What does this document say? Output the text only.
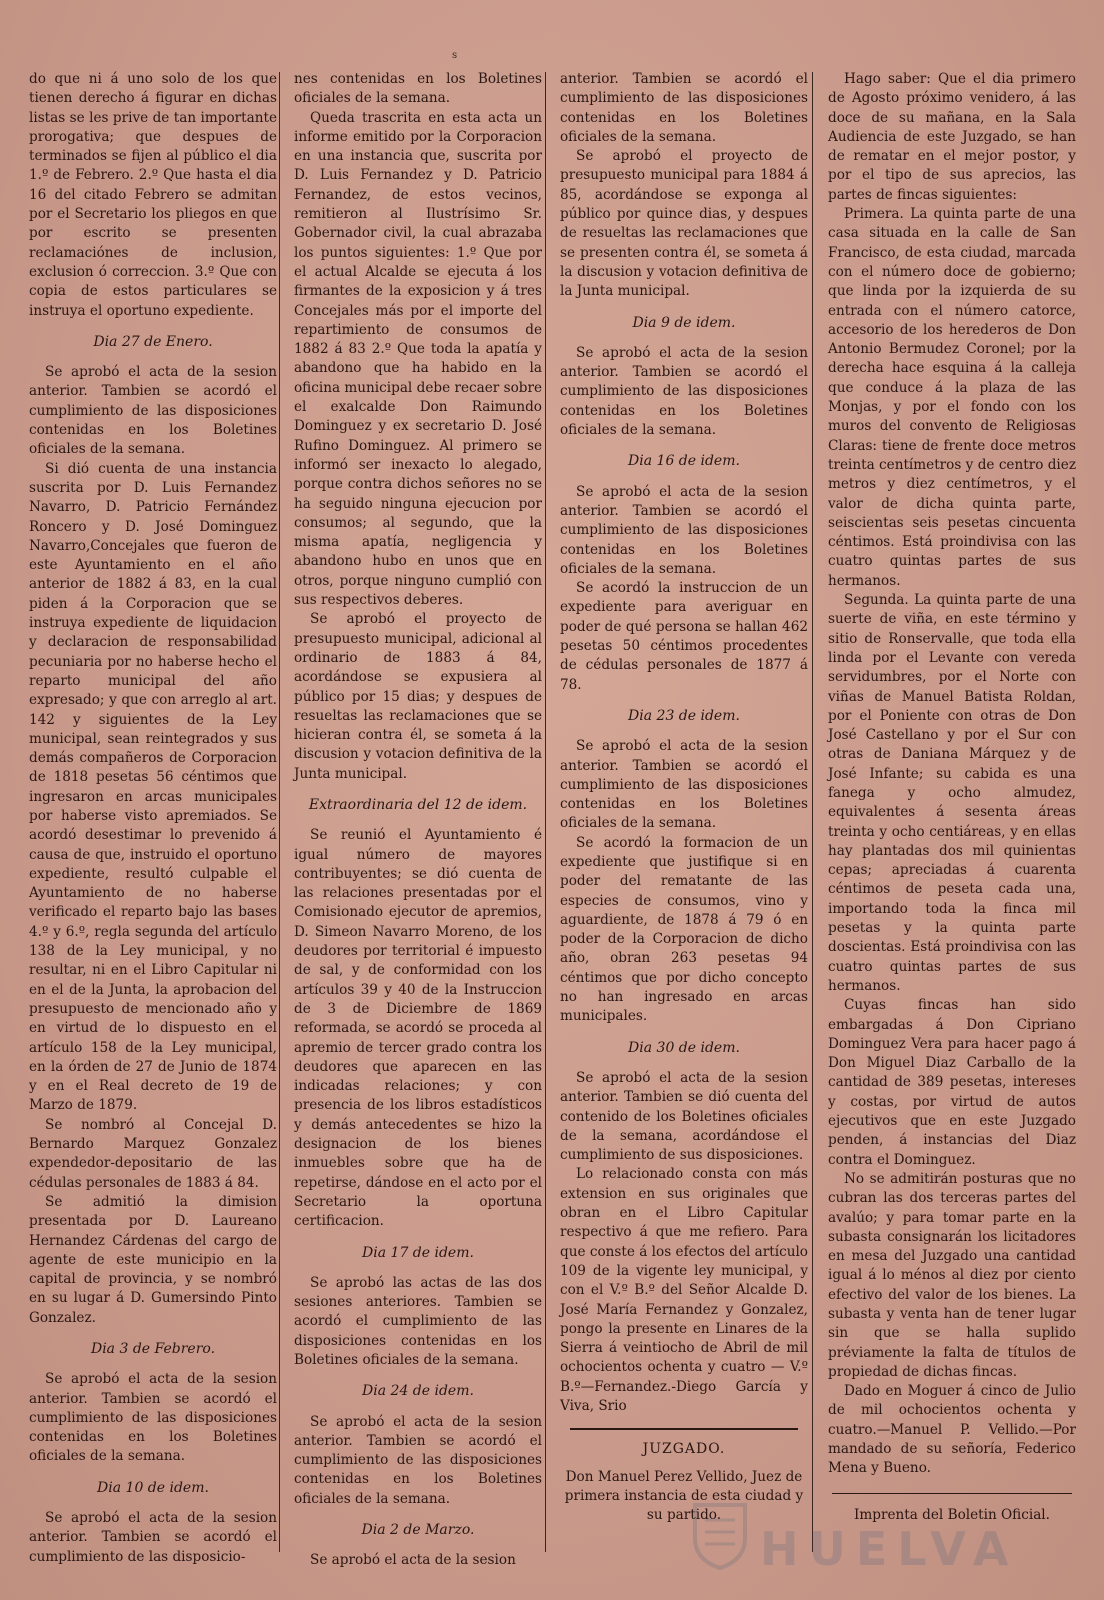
s

do que ni á uno solo de los que tienen derecho á figurar en dichas listas se les prive de tan importante prorogativa; que despues de terminados se fijen al público el dia 1.º de Febrero. 2.º Que hasta el dia 16 del citado Febrero se admitan por el Secretario los pliegos en que por escrito se presenten reclamaciónes de inclusion, exclusion ó correccion. 3.º Que con copia de estos particulares se instruya el oportuno expediente.

Dia 27 de Enero.

Se aprobó el acta de la sesion anterior. Tambien se acordó el cumplimiento de las disposiciones contenidas en los Boletines oficiales de la semana.

Si dió cuenta de una instancia suscrita por D. Luis Fernandez Navarro, D. Patricio Fernández Roncero y D. José Dominguez Navarro,Concejales que fueron de este Ayuntamiento en el año anterior de 1882 á 83, en la cual piden á la Corporacion que se instruya expediente de liquidacion y declaracion de responsabilidad pecuniaria por no haberse hecho el reparto municipal del año expresado; y que con arreglo al art. 142 y siguientes de la Ley municipal, sean reintegrados y sus demás compañeros de Corporacion de 1818 pesetas 56 céntimos que ingresaron en arcas municipales por haberse visto apremiados. Se acordó desestimar lo prevenido á causa de que, instruido el oportuno expediente, resultó culpable el Ayuntamiento de no haberse verificado el reparto bajo las bases 4.º y 6.º, regla segunda del artículo 138 de la Ley municipal, y no resultar, ni en el Libro Capitular ni en el de la Junta, la aprobacion del presupuesto de mencionado año y en virtud de lo dispuesto en el artículo 158 de la Ley municipal, en la órden de 27 de Junio de 1874 y en el Real decreto de 19 de Marzo de 1879.

Se nombró al Concejal D. Bernardo Marquez Gonzalez expendedor-depositario de las cédulas personales de 1883 á 84.

Se admitió la dimision presentada por D. Laureano Hernandez Cárdenas del cargo de agente de este municipio en la capital de provincia, y se nombró en su lugar á D. Gumersindo Pinto Gonzalez.

Dia 3 de Febrero.

Se aprobó el acta de la sesion anterior. Tambien se acordó el cumplimiento de las disposiciones contenidas en los Boletines oficiales de la semana.

Dia 10 de idem.

Se aprobó el acta de la sesion anterior. Tambien se acordó el cumplimiento de las disposicio-

nes contenidas en los Boletines oficiales de la semana.

Queda trascrita en esta acta un informe emitido por la Corporacion en una instancia que, suscrita por D. Luis Fernandez y D. Patricio Fernandez, de estos vecinos, remitieron al Ilustrísimo Sr. Gobernador civil, la cual abrazaba los puntos siguientes: 1.º Que por el actual Alcalde se ejecuta á los firmantes de la exposicion y á tres Concejales más por el importe del repartimiento de consumos de 1882 á 83 2.º Que toda la apatía y abandono que ha habido en la oficina municipal debe recaer sobre el exalcalde Don Raimundo Dominguez y ex secretario D. José Rufino Dominguez. Al primero se informó ser inexacto lo alegado, porque contra dichos señores no se ha seguido ninguna ejecucion por consumos; al segundo, que la misma apatía, negligencia y abandono hubo en unos que en otros, porque ninguno cumplió con sus respectivos deberes.

Se aprobó el proyecto de presupuesto municipal, adicional al ordinario de 1883 á 84, acordándose se expusiera al público por 15 dias; y despues de resueltas las reclamaciones que se hicieran contra él, se someta á la discusion y votacion definitiva de la Junta municipal.

Extraordinaria del 12 de idem.

Se reunió el Ayuntamiento é igual número de mayores contribuyentes; se dió cuenta de las relaciones presentadas por el Comisionado ejecutor de apremios, D. Simeon Navarro Moreno, de los deudores por territorial é impuesto de sal, y de conformidad con los artículos 39 y 40 de la Instruccion de 3 de Diciembre de 1869 reformada, se acordó se proceda al apremio de tercer grado contra los deudores que aparecen en las indicadas relaciones; y con presencia de los libros estadísticos y demás antecedentes se hizo la designacion de los bienes inmuebles sobre que ha de repetirse, dándose en el acto por el Secretario la oportuna certificacion.

Dia 17 de idem.

Se aprobó las actas de las dos sesiones anteriores. Tambien se acordó el cumplimiento de las disposiciones contenidas en los Boletines oficiales de la semana.

Dia 24 de idem.

Se aprobó el acta de la sesion anterior. Tambien se acordó el cumplimiento de las disposiciones contenidas en los Boletines oficiales de la semana.

Dia 2 de Marzo.

Se aprobó el acta de la sesion

anterior. Tambien se acordó el cumplimiento de las disposiciones contenidas en los Boletines oficiales de la semana.

Se aprobó el proyecto de presupuesto municipal para 1884 á 85, acordándose se exponga al público por quince dias, y despues de resueltas las reclamaciones que se presenten contra él, se someta á la discusion y votacion definitiva de la Junta municipal.

Dia 9 de idem.

Se aprobó el acta de la sesion anterior. Tambien se acordó el cumplimiento de las disposiciones contenidas en los Boletines oficiales de la semana.

Dia 16 de idem.

Se aprobó el acta de la sesion anterior. Tambien se acordó el cumplimiento de las disposiciones contenidas en los Boletines oficiales de la semana.

Se acordó la instruccion de un expediente para averiguar en poder de qué persona se hallan 462 pesetas 50 céntimos procedentes de cédulas personales de 1877 á 78.

Dia 23 de idem.

Se aprobó el acta de la sesion anterior. Tambien se acordó el cumplimiento de las disposiciones contenidas en los Boletines oficiales de la semana.

Se acordó la formacion de un expediente que justifique si en poder del rematante de las especies de consumos, vino y aguardiente, de 1878 á 79 ó en poder de la Corporacion de dicho año, obran 263 pesetas 94 céntimos que por dicho concepto no han ingresado en arcas municipales.

Dia 30 de idem.

Se aprobó el acta de la sesion anterior. Tambien se dió cuenta del contenido de los Boletines oficiales de la semana, acordándose el cumplimiento de sus disposiciones.

Lo relacionado consta con más extension en sus originales que obran en el Libro Capitular respectivo á que me refiero. Para que conste á los efectos del artículo 109 de la vigente ley municipal, y con el V.º B.º del Señor Alcalde D. José María Fernandez y Gonzalez, pongo la presente en Linares de la Sierra á veintiocho de Abril de mil ochocientos ochenta y cuatro — V.º B.º—Fernandez.-Diego García y Viva, Srio

JUZGADO.

Don Manuel Perez Vellido, Juez de primera instancia de esta ciudad y su partido.

Hago saber: Que el dia primero de Agosto próximo venidero, á las doce de su mañana, en la Sala Audiencia de este Juzgado, se han de rematar en el mejor postor, y por el tipo de sus aprecios, las partes de fincas siguientes:

Primera. La quinta parte de una casa situada en la calle de San Francisco, de esta ciudad, marcada con el número doce de gobierno; que linda por la izquierda de su entrada con el número catorce, accesorio de los herederos de Don Antonio Bermudez Coronel; por la derecha hace esquina á la calleja que conduce á la plaza de las Monjas, y por el fondo con los muros del convento de Religiosas Claras: tiene de frente doce metros treinta centímetros y de centro diez metros y diez centímetros, y el valor de dicha quinta parte, seiscientas seis pesetas cincuenta céntimos. Está proindivisa con las cuatro quintas partes de sus hermanos.

Segunda. La quinta parte de una suerte de viña, en este término y sitio de Ronservalle, que toda ella linda por el Levante con vereda servidumbres, por el Norte con viñas de Manuel Batista Roldan, por el Poniente con otras de Don José Castellano y por el Sur con otras de Daniana Márquez y de José Infante; su cabida es una fanega y ocho almudez, equivalentes á sesenta áreas treinta y ocho centiáreas, y en ellas hay plantadas dos mil quinientas cepas; apreciadas á cuarenta céntimos de peseta cada una, importando toda la finca mil pesetas y la quinta parte doscientas. Está proindivisa con las cuatro quintas partes de sus hermanos.

Cuyas fincas han sido embargadas á Don Cipriano Dominguez Vera para hacer pago á Don Miguel Diaz Carballo de la cantidad de 389 pesetas, intereses y costas, por virtud de autos ejecutivos que en este Juzgado penden, á instancias del Diaz contra el Dominguez.

No se admitirán posturas que no cubran las dos terceras partes del avalúo; y para tomar parte en la subasta consignarán los licitadores en mesa del Juzgado una cantidad igual á lo ménos al diez por ciento efectivo del valor de los bienes. La subasta y venta han de tener lugar sin que se halla suplido préviamente la falta de títulos de propiedad de dichas fincas.

Dado en Moguer á cinco de Julio de mil ochocientos ochenta y cuatro.—Manuel P. Vellido.—Por mandado de su señoría, Federico Mena y Bueno.

Imprenta del Boletin Oficial.

HUELVA
